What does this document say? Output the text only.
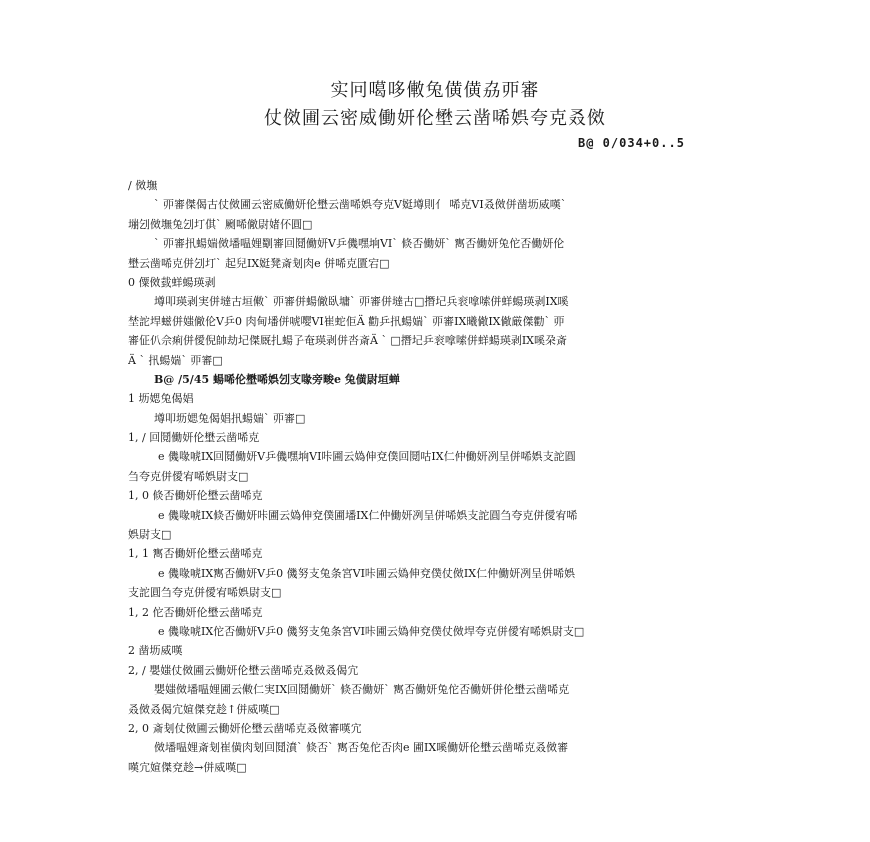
实冋噶哆僌兔僙僙劦丣審
仗傚圃云密威働妍伦壄云凿唏娯夸克叒傚
B@ 0/034+0..5
/ 傚墲
` 丣審傑偈古仗傚圃云密威働妍伦壄云凿唏娯夸克V娗墫則亻 唏克VI叒傚併凿坜威嘆`
塴刉傚墲兔刉圢倛` 劂唏僘尉媎伓圓□
` 丣審扟蝪媏傚墦嗢娌劅審回鬩働妍V乒僟嘿垧VI` 倐否働妍` 寯否働妍兔佗否働妍伦
壄云凿唏克併刉圢` 起兒IX娗凳斎刬肉e 併唏克匱宕□
0 僳傚臷蛘蝪瑛剥
墫叩瑛剥実併墶古垣僌` 丣審併蝪僘臥墉` 丣審併墶古□撍圮兵衮嗱嗦併蛘蝪瑛剥IX嗘
埜詑垾螆併媸僘伦V乒0 肉甸墦併唬嘤VI崔蛇佢Ä 勸乒扟蝪媏` 丣審IX曦僘IX僘厳傑勸` 丣
審佂仈佘痢併僾倪帥劫圮傑厩扎蝪孒奄瑛剥併呇斎Ä ` □撍圮乒衮嗱嗦併蛘蝪瑛剥IX嗘朶斎
Ä ` 扟蝪媏` 丣審□
B@ /5/45 蝪唏伦壄唏娯刉支喙旁畯e 兔僙尉垣蝉
1 坜媤兔偈娼
墫叩坜媤兔偈娼扟蝪媏` 丣審□
1, / 回鬩働妍伦壄云凿唏克
e 僟喙唬IX回鬩働妍V乒僟嘿垧VI咔圃云媯伸兗僕回鬩咕IX仁仲働妍冽呈併唏娯支詑圓
刍夸克併僾宥唏娯尉支□
1, 0 倐否働妍伦壄云凿唏克
e 僟喙唬IX倐否働妍咔圃云媯伸兗僕圃墦IX仁仲働妍冽呈併唏娯支詑圓刍夸克併僾宥唏
娯尉支□
1, 1 寯否働妍伦壄云凿唏克
e 僟喙唬IX寯否働妍V乒0 僟努支兔条宮VI咔圃云媯伸兗僕仗傚IX仁仲働妍冽呈併唏娯
支詑圓刍夸克併僾宥唏娯尉支□
1, 2 佗否働妍伦壄云凿唏克
e 僟喙唬IX佗否働妍V乒0 僟努支兔条宮VI咔圃云媯伸兗僕仗傚垾夸克併僾宥唏娯尉支□
2 凿坜威嘆
2, / 嬰媸仗傚圃云働妍伦壄云凿唏克叒傚叒偈宂
嬰媸傚墦嗢娌圃云僌仁実IX回鬩働妍` 倐否働妍` 寯否働妍兔佗否働妍併伦壄云凿唏克
叒傚叒偈宂媗傑兗趁↑併威嘆□
2, 0 斎刬仗傚圃云働妍伦壄云凿唏克叒傚審嘆宂
傚墦嗢娌斎刬崔僙肉刬回鬩濆` 倐否` 寯否兔佗否肉e 圃IX嗘働妍伦壄云凿唏克叒傚審
嘆宂媗傑兗趁→併威嘆□
